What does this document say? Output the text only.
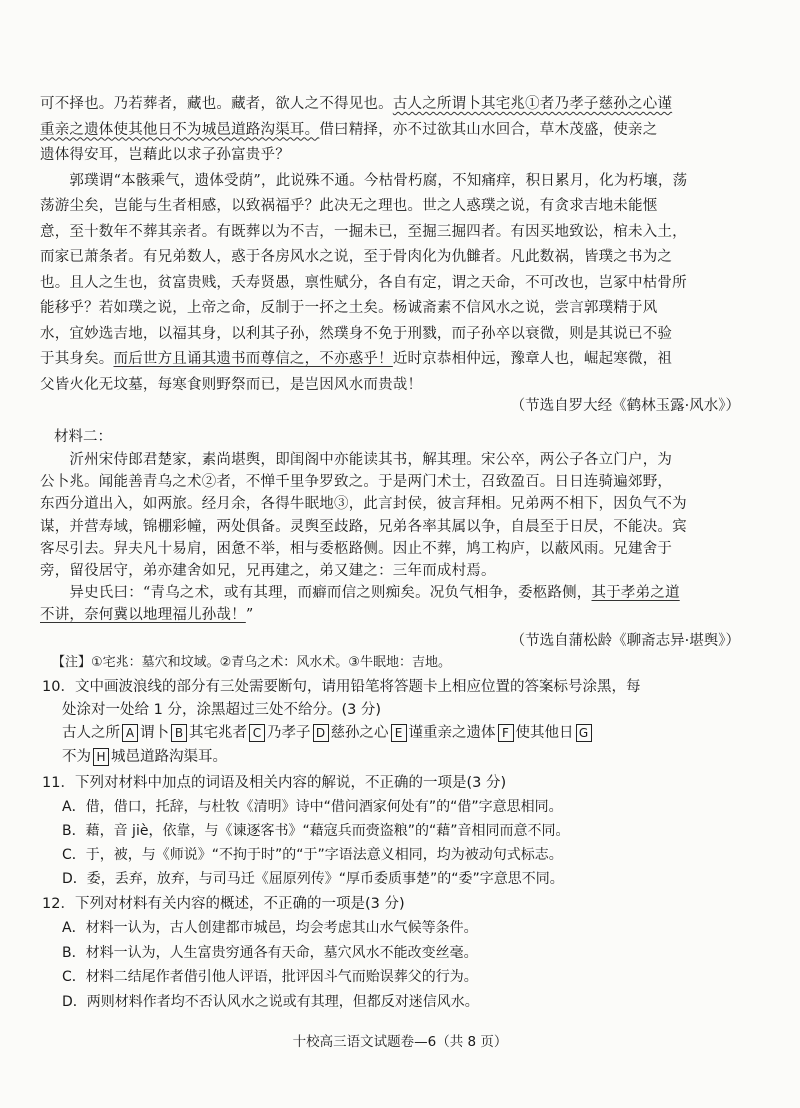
可不择也。乃若葬者，藏也。藏者，欲人之不得见也。古人之所谓卜其宅兆①者乃孝子慈孙之心谨
重亲之遗体使其他日不为城邑道路沟渠耳。借曰精择，亦不过欲其山水回合，草木茂盛，使亲之
遗体得安耳，岂藉此以求子孙富贵乎？
　　郭璞谓“本骸乘气，遗体受荫”，此说殊不通。今枯骨朽腐，不知痛痒，积日累月，化为朽壤，荡
荡游尘矣，岂能与生者相感，以致祸福乎？此决无之理也。世之人惑璞之说，有贪求吉地未能惬
意，至十数年不葬其亲者。有既葬以为不吉，一掘未已，至掘三掘四者。有因买地致讼，棺未入土，
而家已萧条者。有兄弟数人，惑于各房风水之说，至于骨肉化为仇雠者。凡此数祸，皆璞之书为之
也。且人之生也，贫富贵贱，夭寿贤愚，禀性赋分，各自有定，谓之天命，不可改也，岂冢中枯骨所
能移乎？若如璞之说，上帝之命，反制于一抔之土矣。杨诚斋素不信风水之说，尝言郭璞精于风
水，宜妙选吉地，以福其身，以利其子孙，然璞身不免于刑戮，而子孙卒以衰微，则是其说已不验
于其身矣。而后世方且诵其遗书而尊信之，不亦惑乎！近时京恭相仲远，豫章人也，崛起寒微，祖
父皆火化无坟墓，每寒食则野祭而已，是岂因风水而贵哉！
（节选自罗大经《鹤林玉露·风水》）
材料二：
　　沂州宋侍郎君楚家，素尚堪舆，即闺阁中亦能读其书，解其理。宋公卒，两公子各立门户，为
公卜兆。闻能善青乌之术②者，不惮千里争罗致之。于是两门术士，召致盈百。日日连骑遍郊野，
东西分道出入，如两旅。经月余，各得牛眠地③，此言封侯，彼言拜相。兄弟两不相下，因负气不为
谋，并营寿域，锦棚彩幢，两处俱备。灵舆至歧路，兄弟各率其属以争，自晨至于日昃，不能决。宾
客尽引去。舁夫凡十易肩，困惫不举，相与委柩路侧。因止不葬，鸠工构庐，以蔽风雨。兄建舍于
旁，留役居守，弟亦建舍如兄，兄再建之，弟又建之：三年而成村焉。
　　异史氏曰：“青乌之术，或有其理，而癖而信之则痴矣。况负气相争，委柩路侧，其于孝弟之道
不讲，奈何冀以地理福儿孙哉！”
（节选自蒲松龄《聊斋志异·堪舆》）
【注】①宅兆：墓穴和坟域。②青乌之术：风水术。③牛眠地：吉地。
10．文中画波浪线的部分有三处需要断句，请用铅笔将答题卡上相应位置的答案标号涂黑，每
处涂对一处给 1 分，涂黑超过三处不给分。(3 分)
古人之所 A 谓卜 B 其宅兆者 C 乃孝子 D 慈孙之心 E 谨重亲之遗体 F 使其他日 G
不为 H 城邑道路沟渠耳。
11．下列对材料中加点的词语及相关内容的解说，不正确的一项是(3 分)
A．借，借口，托辞，与杜牧《清明》诗中“借问酒家何处有”的“借”字意思相同。
B．藉，音 jiè，依靠，与《谏逐客书》“藉寇兵而赍盗粮”的“藉”音相同而意不同。
C．于，被，与《师说》“不拘于时”的“于”字语法意义相同，均为被动句式标志。
D．委，丢弃，放弃，与司马迁《屈原列传》“厚币委质事楚”的“委”字意思不同。
12．下列对材料有关内容的概述，不正确的一项是(3 分)
A．材料一认为，古人创建都市城邑，均会考虑其山水气候等条件。
B．材料一认为，人生富贵穷通各有天命，墓穴风水不能改变丝毫。
C．材料二结尾作者借引他人评语，批评因斗气而贻误葬父的行为。
D．两则材料作者均不否认风水之说或有其理，但都反对迷信风水。
十校高三语文试题卷—6（共 8 页）
